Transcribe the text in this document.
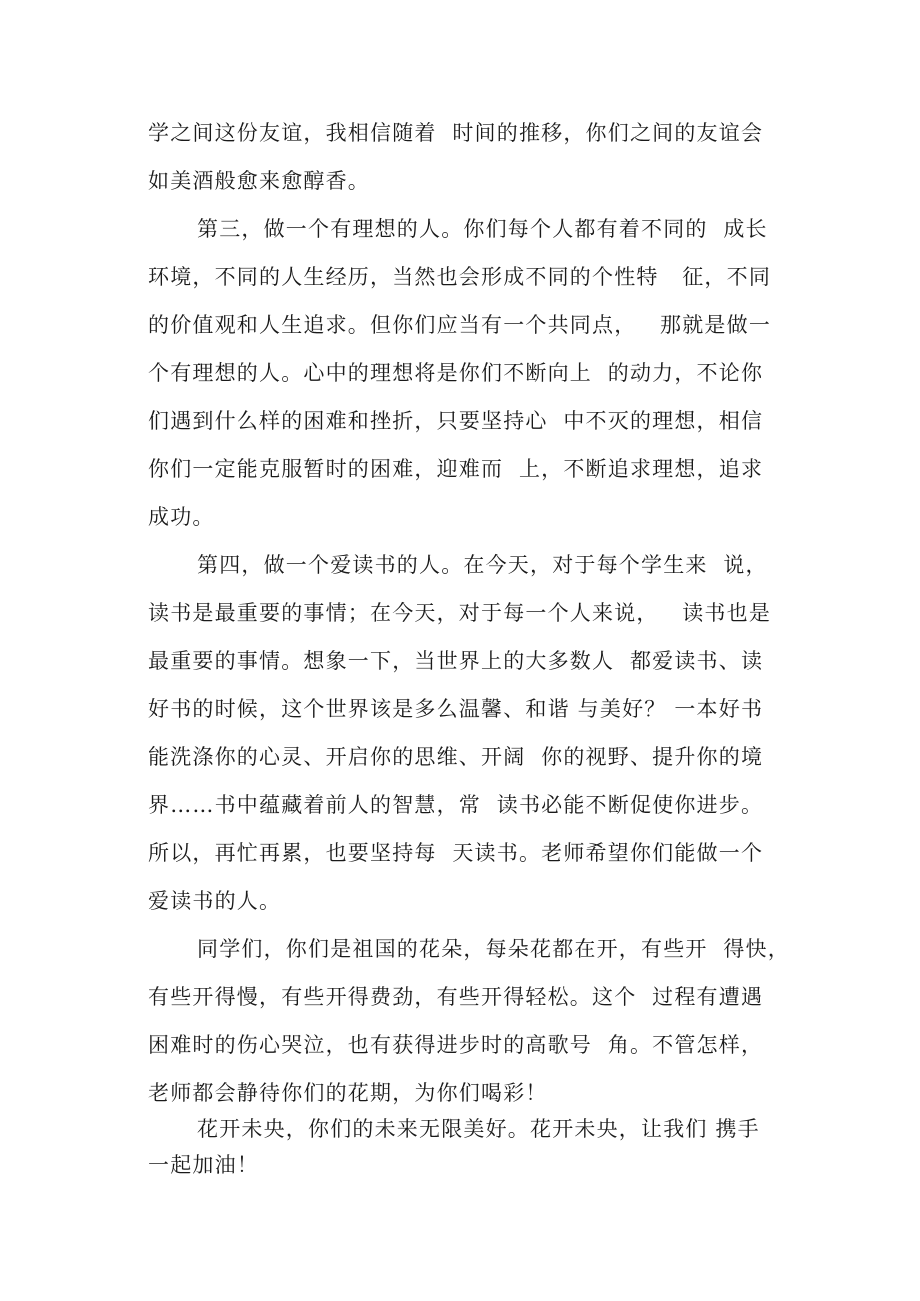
学之间这份友谊，我相信随着  时间的推移，你们之间的友谊会
如美酒般愈来愈醇香。
第三，做一个有理想的人。你们每个人都有着不同的  成长
环境，不同的人生经历，当然也会形成不同的个性特   征，不同
的价值观和人生追求。但你们应当有一个共同点，   那就是做一
个有理想的人。心中的理想将是你们不断向上  的动力，不论你
们遇到什么样的困难和挫折，只要坚持心  中不灭的理想，相信
你们一定能克服暂时的困难，迎难而  上，不断追求理想，追求
成功。
第四，做一个爱读书的人。在今天，对于每个学生来  说，
读书是最重要的事情；在今天，对于每一个人来说，   读书也是
最重要的事情。想象一下，当世界上的大多数人  都爱读书、读
好书的时候，这个世界该是多么温馨、和谐 与美好？ 一本好书
能洗涤你的心灵、开启你的思维、开阔  你的视野、提升你的境
界……书中蕴藏着前人的智慧，常  读书必能不断促使你进步。
所以，再忙再累，也要坚持每  天读书。老师希望你们能做一个
爱读书的人。
同学们，你们是祖国的花朵，每朵花都在开，有些开  得快，
有些开得慢，有些开得费劲，有些开得轻松。这个  过程有遭遇
困难时的伤心哭泣，也有获得进步时的高歌号  角。不管怎样，
老师都会静待你们的花期，为你们喝彩！
花开未央，你们的未来无限美好。花开未央，让我们 携手
一起加油！
